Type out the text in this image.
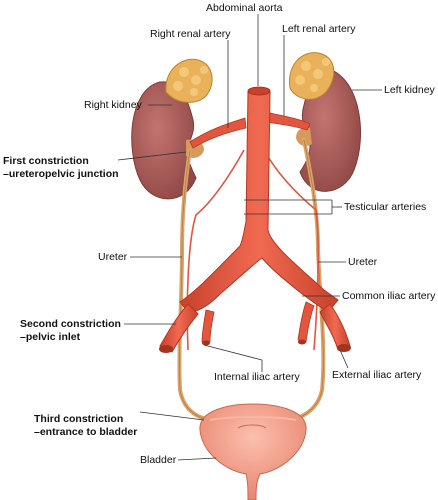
Abdominal aorta
Right renal artery	Left renal artery
Right kidney
Left kidney
First constriction
–ureteropelvic junction
Testicular arteries
Ureter	Ureter
Common iliac artery
Second constriction
–pelvic inlet
Internal iliac artery	External iliac artery
Third constriction
–entrance to bladder
Bladder
